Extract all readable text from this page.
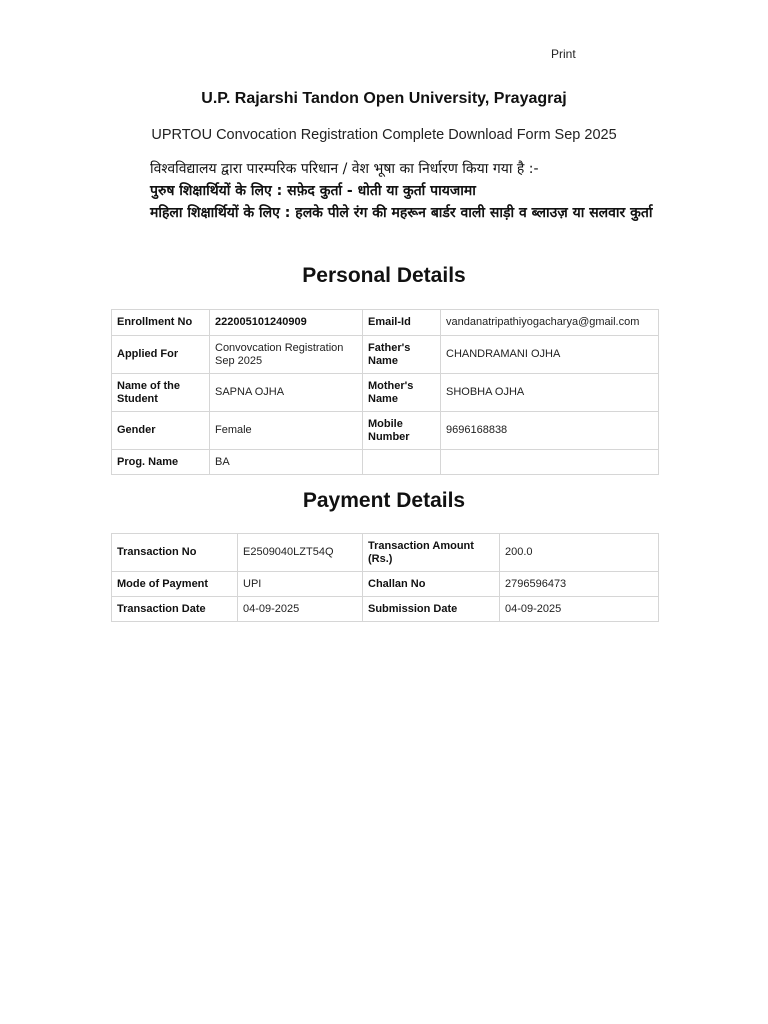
Print
U.P. Rajarshi Tandon Open University, Prayagraj
UPRTOU Convocation Registration Complete Download Form Sep 2025
विश्वविद्यालय द्वारा पारम्परिक परिधान / वेश भूषा का निर्धारण किया गया है :-
पुरुष शिक्षार्थियों के लिए : सफ़ेद कुर्ता - धोती या कुर्ता पायजामा
महिला शिक्षार्थियों के लिए : हलके पीले रंग की महरून बार्डर वाली साड़ी व ब्लाउज़ या सलवार कुर्ता
Personal Details
Enrollment No	222005101240909	Email-Id	vandanatripathiyogacharya@gmail.com
Applied For	Convovcation Registration Sep 2025	Father's Name	CHANDRAMANI OJHA
Name of the Student	SAPNA OJHA	Mother's Name	SHOBHA OJHA
Gender	Female	Mobile Number	9696168838
Prog. Name	BA		
Payment Details
Transaction No	E2509040LZT54Q	Transaction Amount (Rs.)	200.0
Mode of Payment	UPI	Challan No	2796596473
Transaction Date	04-09-2025	Submission Date	04-09-2025
